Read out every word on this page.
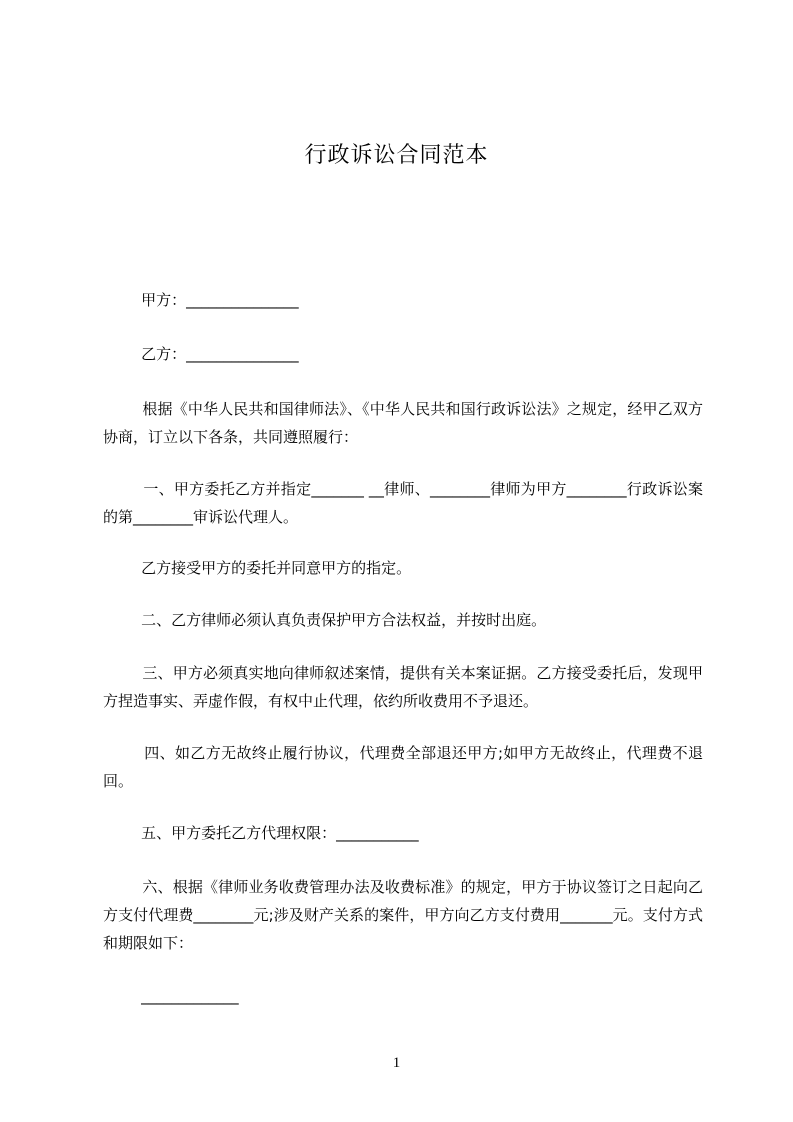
行政诉讼合同范本

甲方：_______________

乙方：_______________

根据《中华人民共和国律师法》、《中华人民共和国行政诉讼法》之规定，经甲乙双方协商，订立以下各条，共同遵照履行：

一、甲方委托乙方并指定_______ __律师、________律师为甲方________行政诉讼案的第________审诉讼代理人。

乙方接受甲方的委托并同意甲方的指定。

二、乙方律师必须认真负责保护甲方合法权益，并按时出庭。

三、甲方必须真实地向律师叙述案情，提供有关本案证据。乙方接受委托后，发现甲方捏造事实、弄虚作假，有权中止代理，依约所收费用不予退还。

四、如乙方无故终止履行协议，代理费全部退还甲方;如甲方无故终止，代理费不退回。

五、甲方委托乙方代理权限：___________

六、根据《律师业务收费管理办法及收费标准》的规定，甲方于协议签订之日起向乙方支付代理费________元;涉及财产关系的案件，甲方向乙方支付费用_______元。支付方式和期限如下：

_____________

1
